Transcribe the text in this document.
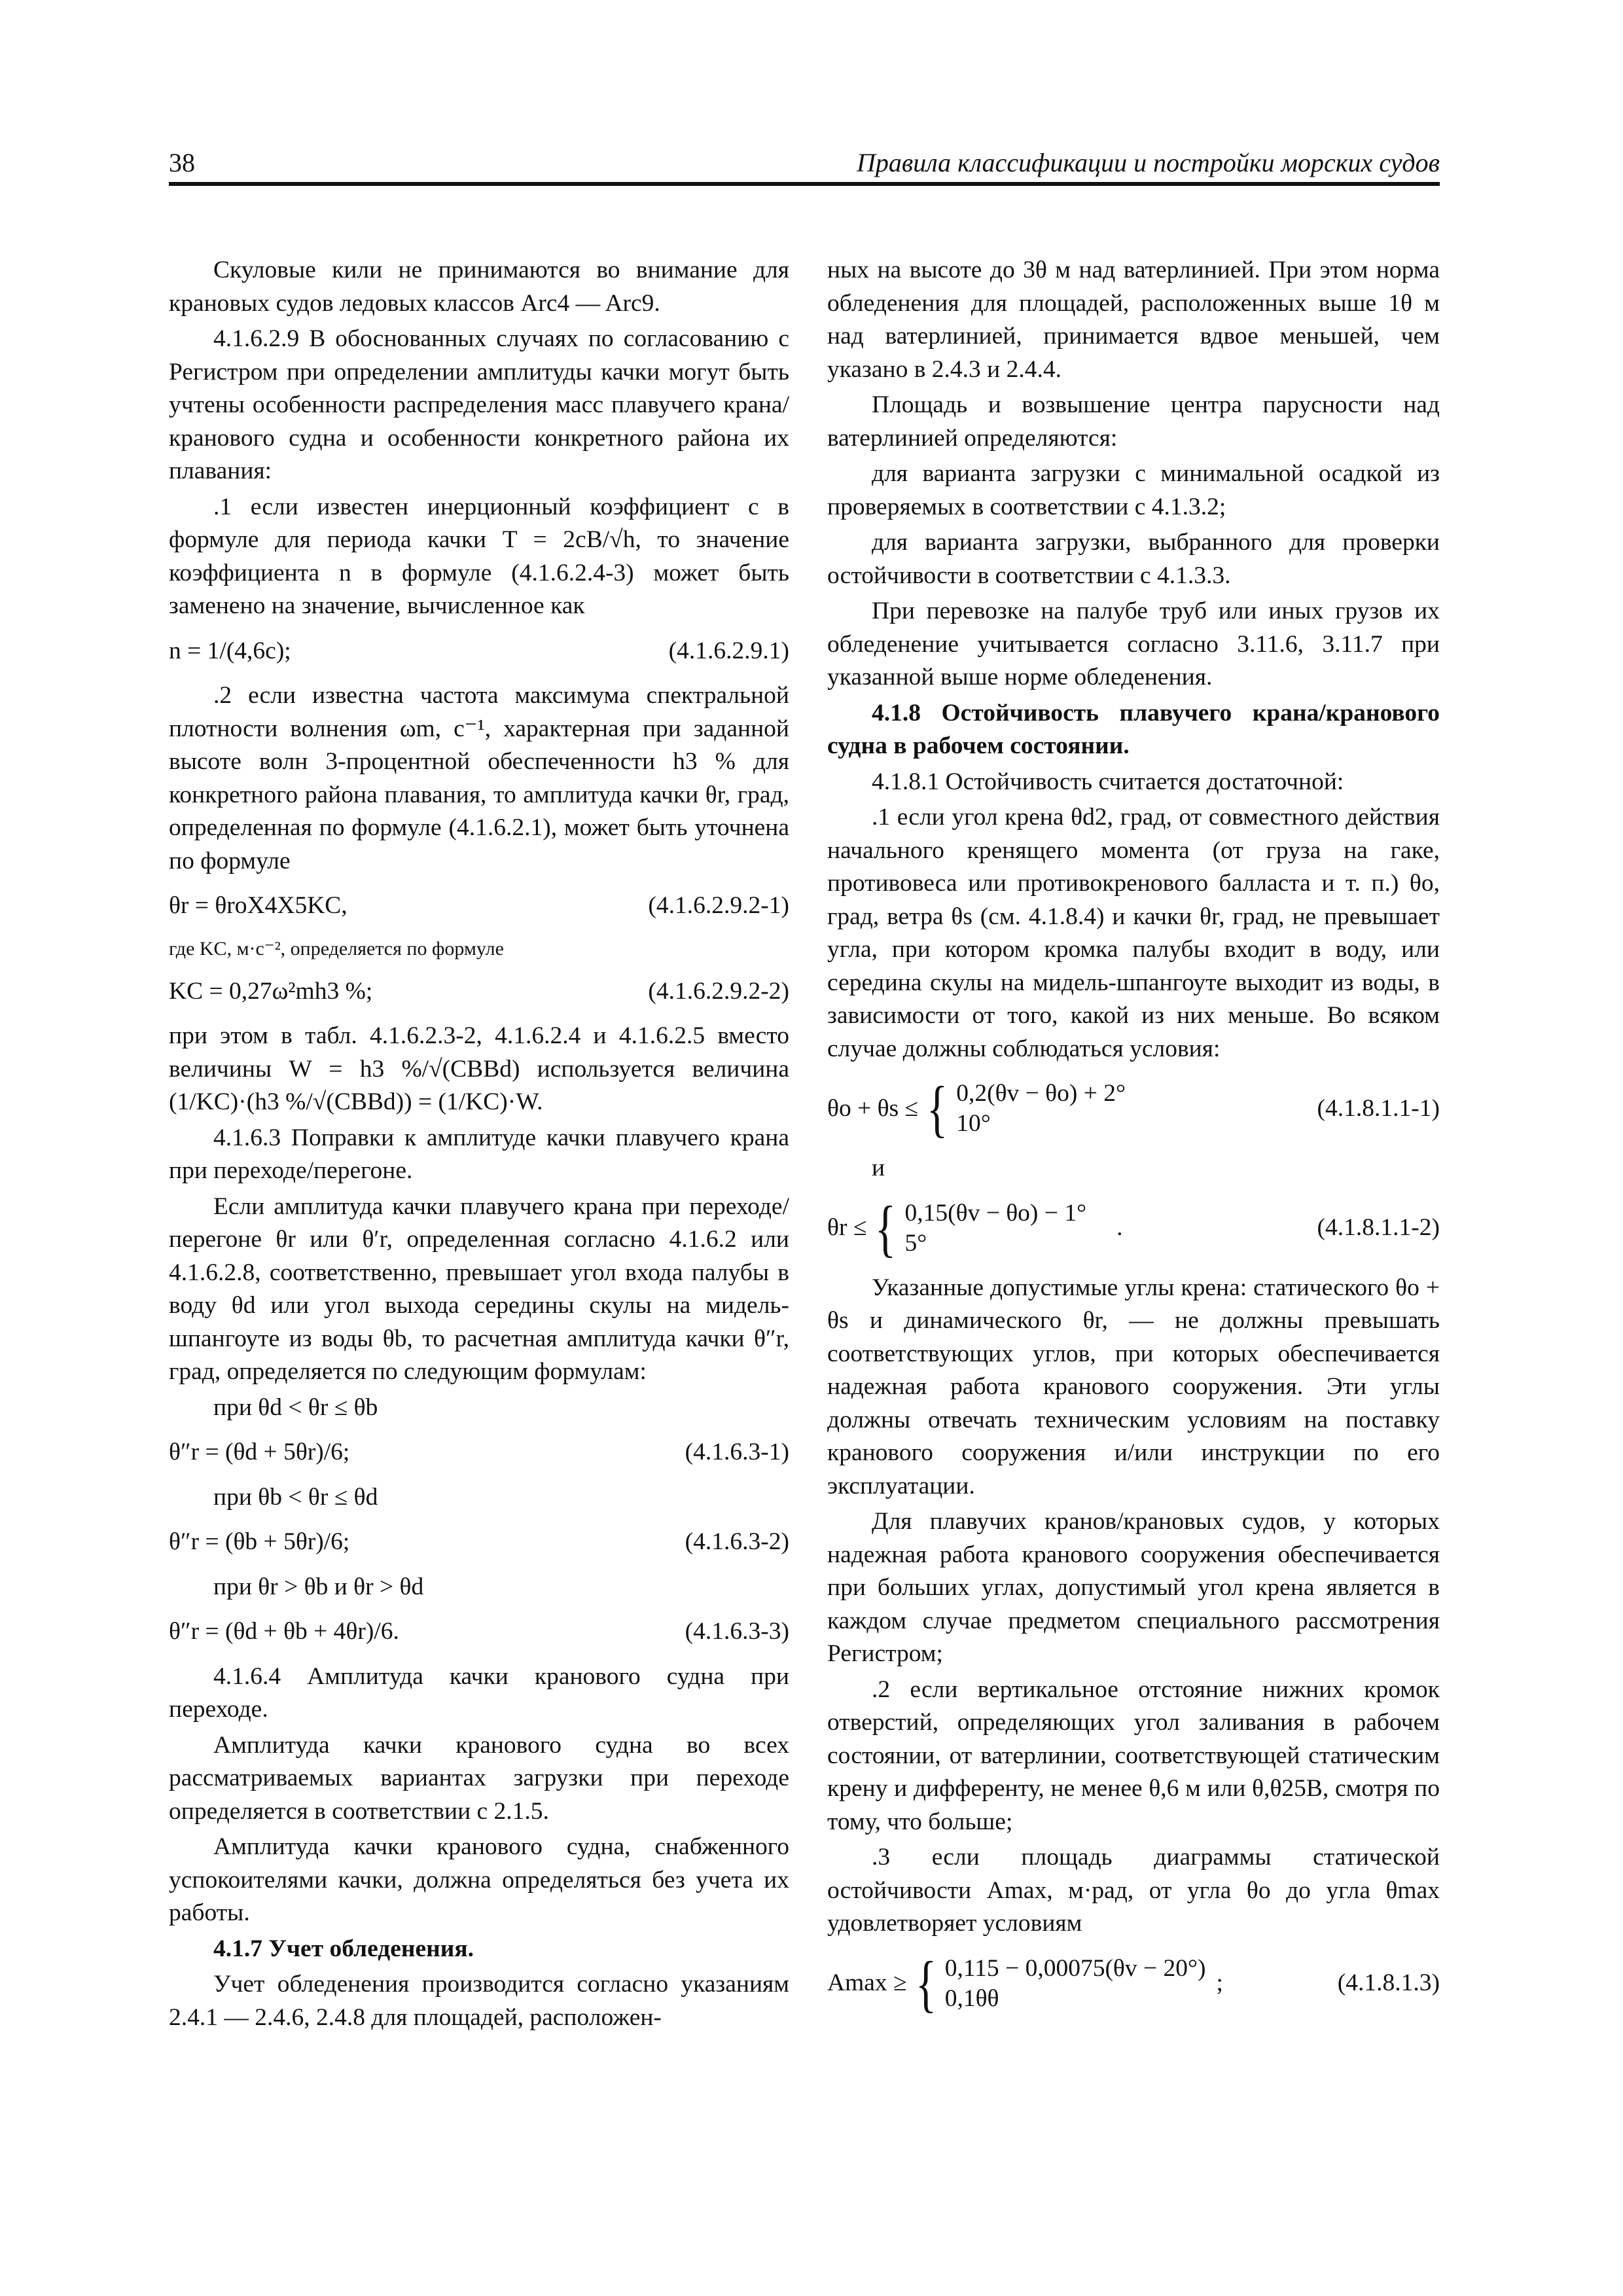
38	Правила классификации и постройки морских судов

Скуловые кили не принимаются во внимание для крановых судов ледовых классов Arc4 — Arc9.

4.1.6.2.9 В обоснованных случаях по согласованию с Регистром при определении амплитуды качки могут быть учтены особенности распределения масс плавучего крана/кранового судна и особенности конкретного района их плавания:

.1 если известен инерционный коэффициент c в формуле для периода качки T = 2cB/√h, то значение коэффициента n в формуле (4.1.6.2.4-3) может быть заменено на значение, вычисленное как

n = 1/(4,6c);	(4.1.6.2.9.1)

.2 если известна частота максимума спектральной плотности волнения ωm, c⁻¹, характерная при заданной высоте волн 3-процентной обеспеченности h3 % для конкретного района плавания, то амплитуда качки θr, град, определенная по формуле (4.1.6.2.1), может быть уточнена по формуле

θr = θroX4X5KC,	(4.1.6.2.9.2-1)

где KC, м·с⁻², определяется по формуле

KC = 0,27ω²mh3 %;	(4.1.6.2.9.2-2)

при этом в табл. 4.1.6.2.3-2, 4.1.6.2.4 и 4.1.6.2.5 вместо величины W = h3 %/√(CBBd) используется величина (1/KC)·(h3 %/√(CBBd)) = (1/KC)·W.

4.1.6.3 Поправки к амплитуде качки плавучего крана при переходе/перегоне.

Если амплитуда качки плавучего крана при переходе/перегоне θr или θ′r, определенная согласно 4.1.6.2 или 4.1.6.2.8, соответственно, превышает угол входа палубы в воду θd или угол выхода середины скулы на мидель-шпангоуте из воды θb, то расчетная амплитуда качки θ″r, град, определяется по следующим формулам:

при θd < θr ≤ θb

θ″r = (θd + 5θr)/6;	(4.1.6.3-1)

при θb < θr ≤ θd

θ″r = (θb + 5θr)/6;	(4.1.6.3-2)

при θr > θb и θr > θd

θ″r = (θd + θb + 4θr)/6.	(4.1.6.3-3)

4.1.6.4 Амплитуда качки кранового судна при переходе.

Амплитуда качки кранового судна во всех рассматриваемых вариантах загрузки при переходе определяется в соответствии с 2.1.5.

Амплитуда качки кранового судна, снабженного успокоителями качки, должна определяться без учета их работы.

4.1.7 Учет обледенения.

Учет обледенения производится согласно указаниям 2.4.1 — 2.4.6, 2.4.8 для площадей, расположен-

ных на высоте до 3θ м над ватерлинией. При этом норма обледенения для площадей, расположенных выше 1θ м над ватерлинией, принимается вдвое меньшей, чем указано в 2.4.3 и 2.4.4.

Площадь и возвышение центра парусности над ватерлинией определяются:

для варианта загрузки с минимальной осадкой из проверяемых в соответствии с 4.1.3.2;

для варианта загрузки, выбранного для проверки остойчивости в соответствии с 4.1.3.3.

При перевозке на палубе труб или иных грузов их обледенение учитывается согласно 3.11.6, 3.11.7 при указанной выше норме обледенения.

4.1.8 Остойчивость плавучего крана/кранового судна в рабочем состоянии.

4.1.8.1 Остойчивость считается достаточной:

.1 если угол крена θd2, град, от совместного действия начального кренящего момента (от груза на гаке, противовеса или противокренового балласта и т. п.) θo, град, ветра θs (см. 4.1.8.4) и качки θr, град, не превышает угла, при котором кромка палубы входит в воду, или середина скулы на мидель-шпангоуте выходит из воды, в зависимости от того, какой из них меньше. Во всяком случае должны соблюдаться условия:

θo + θs ≤ { 0,2(θv − θo) + 2°
10°
(4.1.8.1.1-1)

и

θr ≤ { 0,15(θv − θo) − 1°
5°
.	(4.1.8.1.1-2)

Указанные допустимые углы крена: статического θo + θs и динамического θr, — не должны превышать соответствующих углов, при которых обеспечивается надежная работа кранового сооружения. Эти углы должны отвечать техническим условиям на поставку кранового сооружения и/или инструкции по его эксплуатации.

Для плавучих кранов/крановых судов, у которых надежная работа кранового сооружения обеспечивается при больших углах, допустимый угол крена является в каждом случае предметом специального рассмотрения Регистром;

.2 если вертикальное отстояние нижних кромок отверстий, определяющих угол заливания в рабочем состоянии, от ватерлинии, соответствующей статическим крену и дифференту, не менее θ,6 м или θ,θ25B, смотря по тому, что больше;

.3 если площадь диаграммы статической остойчивости Amax, м·рад, от угла θo до угла θmax удовлетворяет условиям

Amax ≥ { 0,115 − 0,00075(θv − 20°)
0,1θθ
;	(4.1.8.1.3)
